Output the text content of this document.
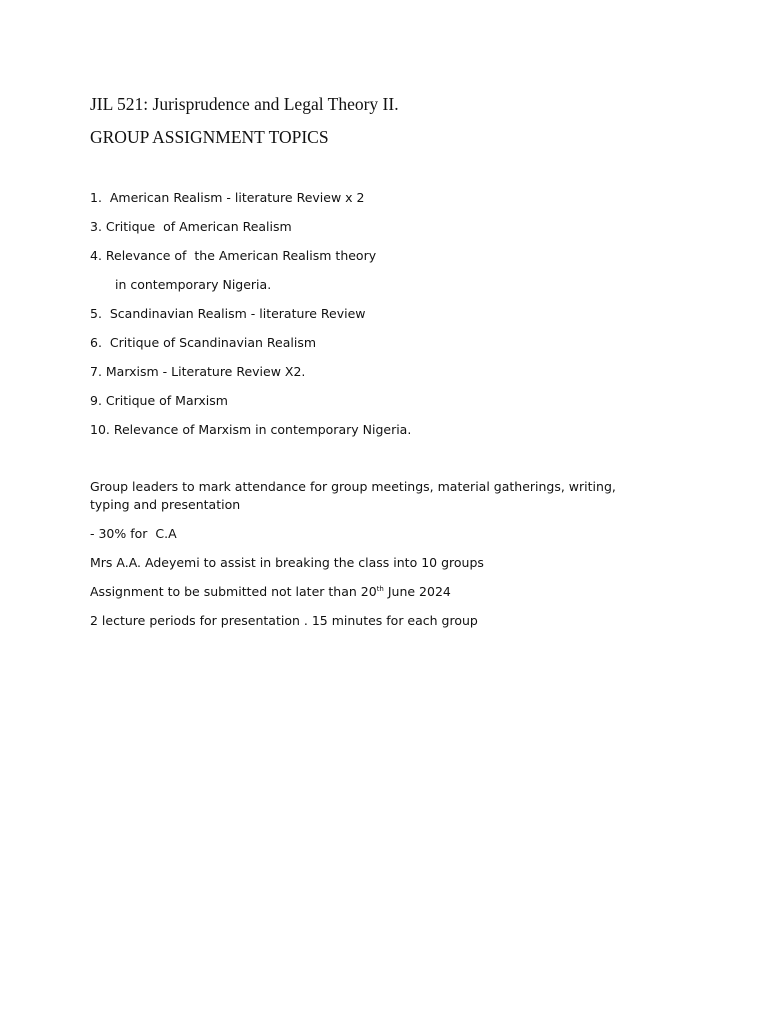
JIL 521: Jurisprudence and Legal Theory II.

GROUP ASSIGNMENT TOPICS

1.  American Realism - literature Review x 2

3. Critique  of American Realism

4. Relevance of  the American Realism theory

in contemporary Nigeria.

5.  Scandinavian Realism - literature Review

6.  Critique of Scandinavian Realism

7. Marxism - Literature Review X2.

9. Critique of Marxism

10. Relevance of Marxism in contemporary Nigeria.

Group leaders to mark attendance for group meetings, material gatherings, writing, typing and presentation

- 30% for  C.A

Mrs A.A. Adeyemi to assist in breaking the class into 10 groups

Assignment to be submitted not later than 20th June 2024

2 lecture periods for presentation . 15 minutes for each group
